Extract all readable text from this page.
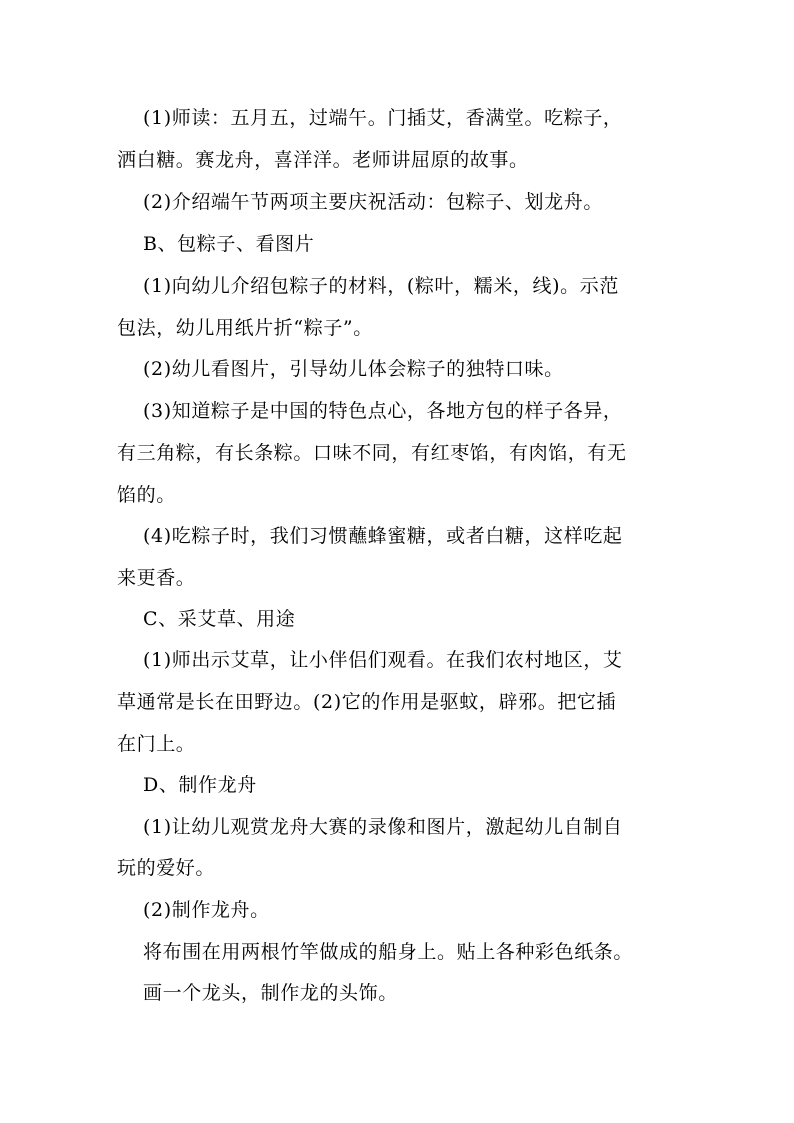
(1)师读：五月五，过端午。门插艾，香满堂。吃粽子，
洒白糖。赛龙舟，喜洋洋。老师讲屈原的故事。
(2)介绍端午节两项主要庆祝活动：包粽子、划龙舟。
B、包粽子、看图片
(1)向幼儿介绍包粽子的材料，(粽叶，糯米，线)。示范
包法，幼儿用纸片折“粽子”。
(2)幼儿看图片，引导幼儿体会粽子的独特口味。
(3)知道粽子是中国的特色点心，各地方包的样子各异，
有三角粽，有长条粽。口味不同，有红枣馅，有肉馅，有无
馅的。
(4)吃粽子时，我们习惯蘸蜂蜜糖，或者白糖，这样吃起
来更香。
C、采艾草、用途
(1)师出示艾草，让小伴侣们观看。在我们农村地区，艾
草通常是长在田野边。(2)它的作用是驱蚊，辟邪。把它插
在门上。
D、制作龙舟
(1)让幼儿观赏龙舟大赛的录像和图片，激起幼儿自制自
玩的爱好。
(2)制作龙舟。
将布围在用两根竹竿做成的船身上。贴上各种彩色纸条。
画一个龙头，制作龙的头饰。
